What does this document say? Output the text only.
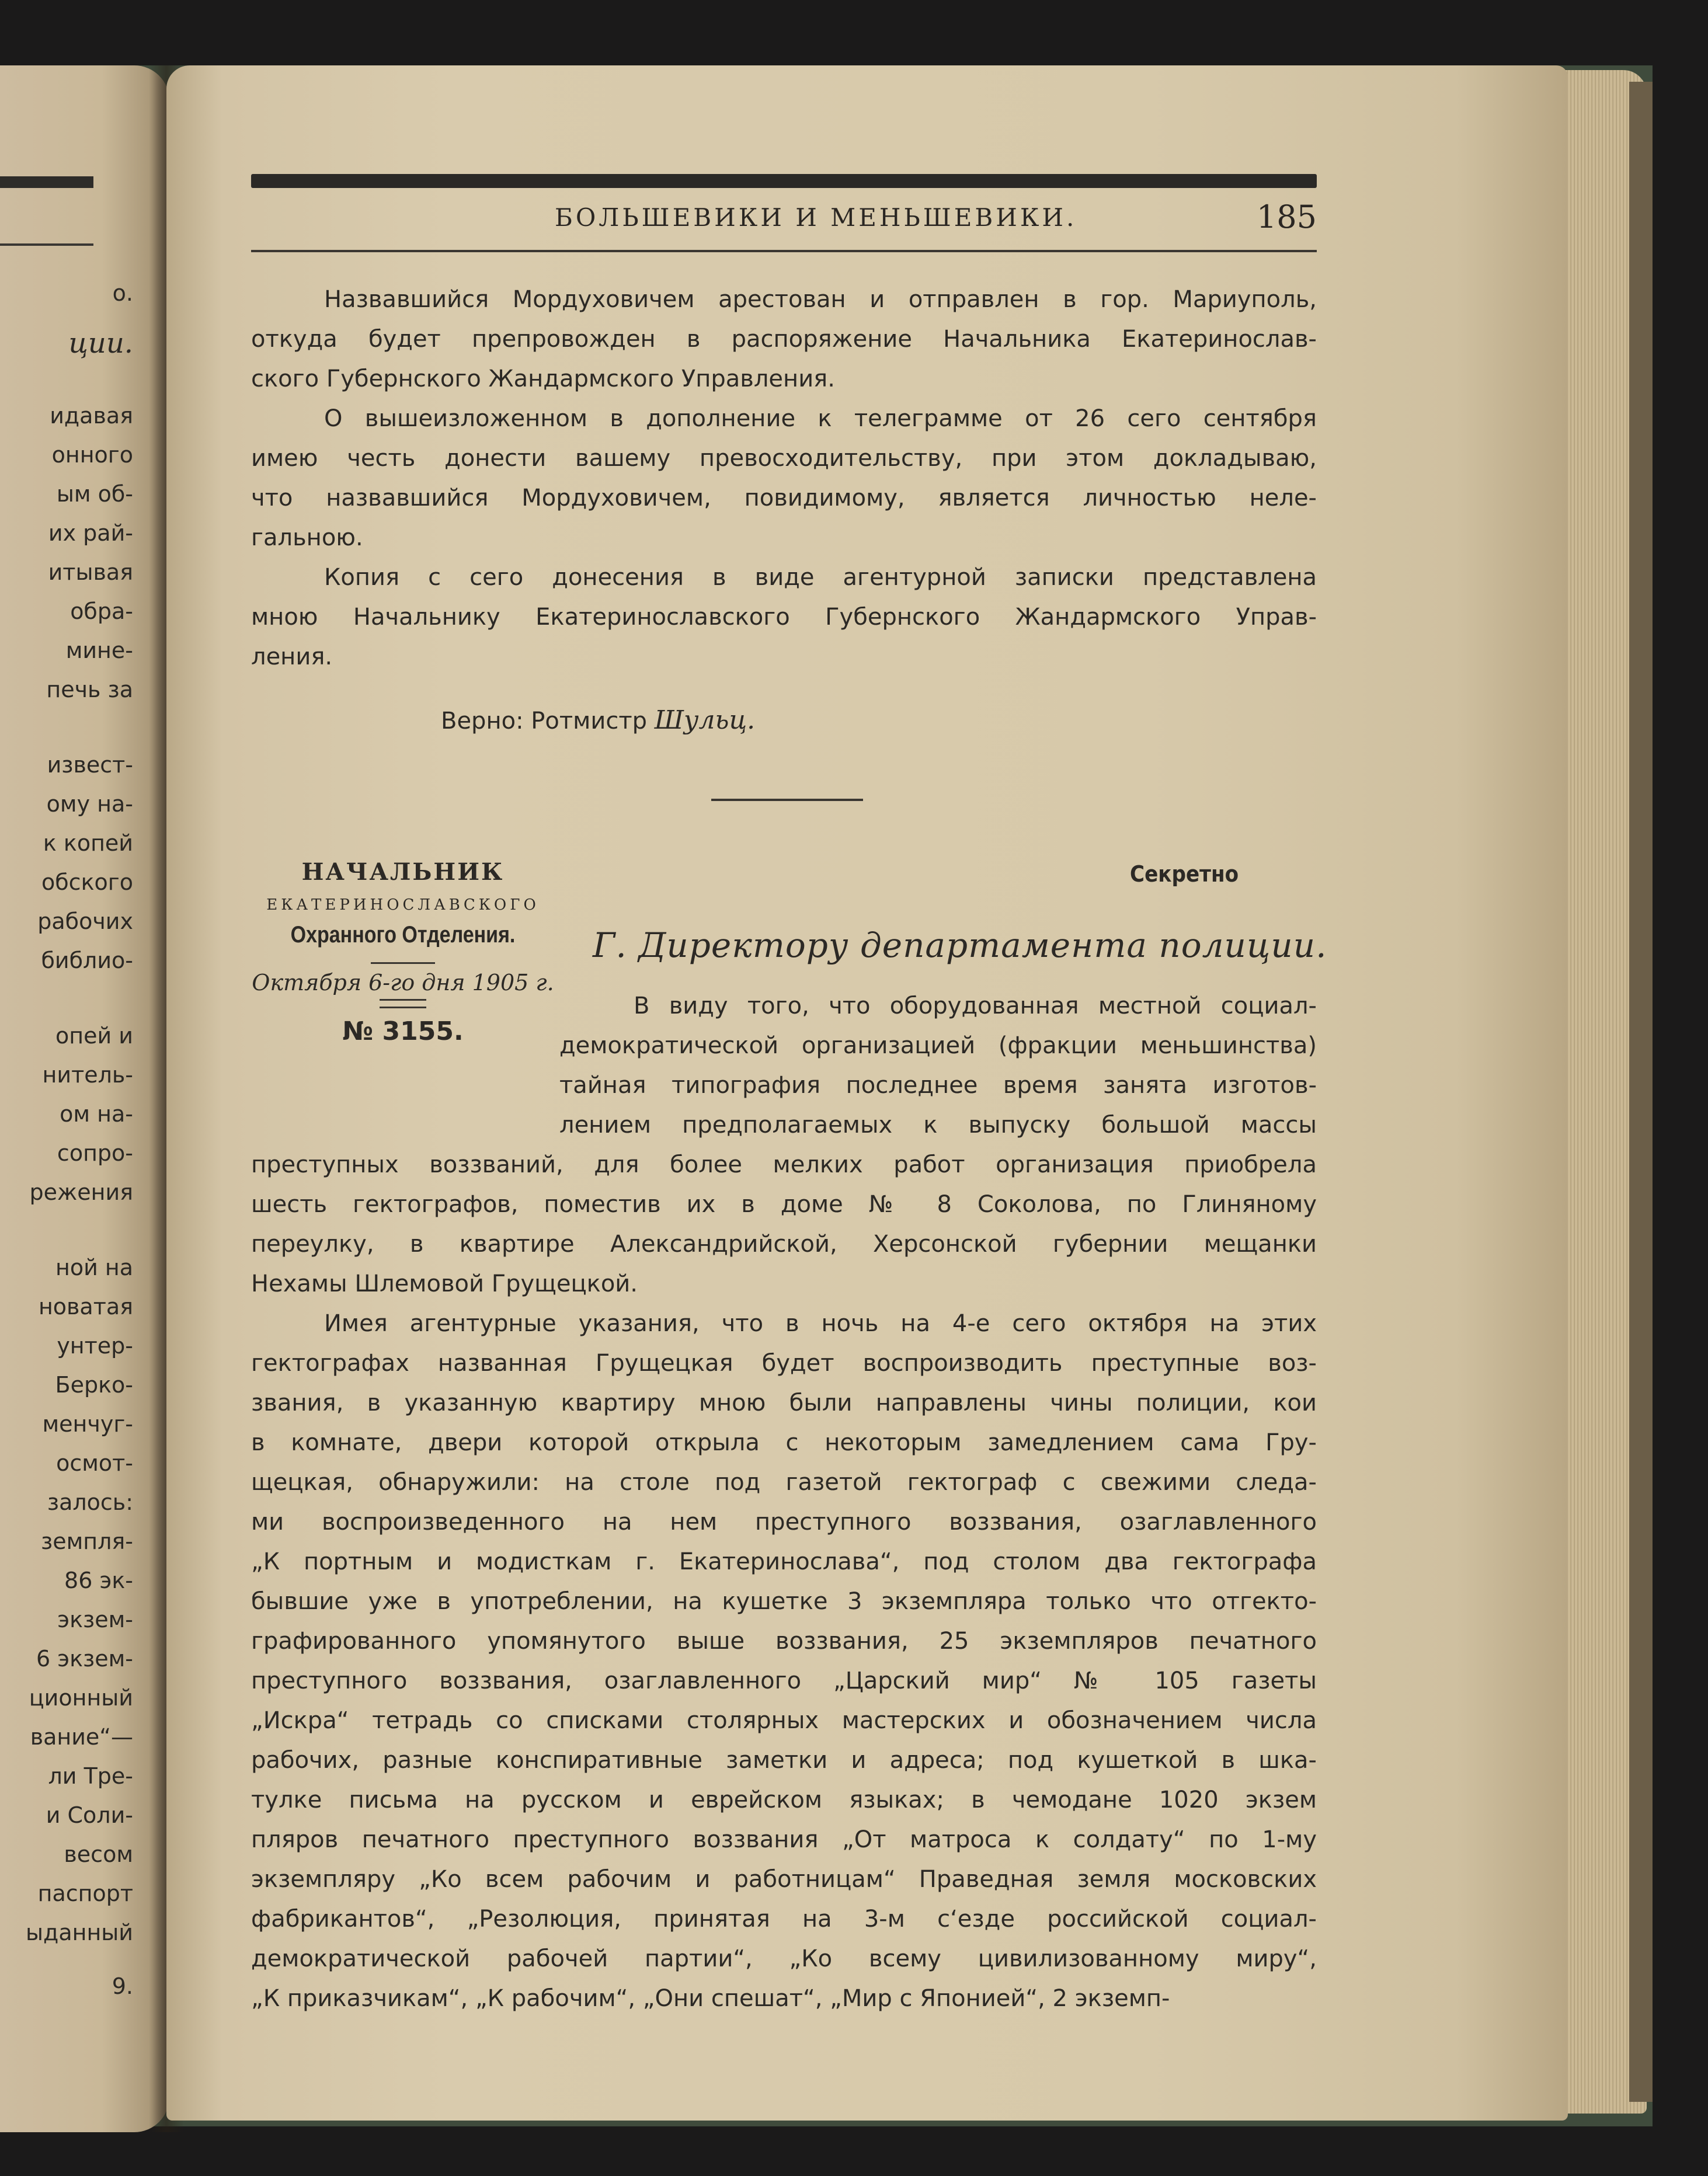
о.
ции.
идавая
онного
ым об-
их рай-
итывая
обра-
мине-
печь за
извест-
ому на-
к копей
обского
рабочих
библио-
опей и
нитель-
ом на-
сопро-
режения
ной на
новатая
унтер-
Берко-
менчуг-
осмот-
залось:
земпля-
86 эк-
экзем-
6 экзем-
ционный
вание“—
ли Тре-
и Соли-
весом
паспорт
ыданный
9.
БОЛЬШЕВИКИ И МЕНЬШЕВИКИ.	185
Назвавшийся Мордуховичем арестован и отправлен в гор. Мариуполь,
откуда будет препровожден в распоряжение Начальника Екатеринослав-
ского Губернского Жандармского Управления.
О вышеизложенном в дополнение к телеграмме от 26 сего сентября
имею честь донести вашему превосходительству, при этом докладываю,
что назвавшийся Мордуховичем, повидимому, является личностью неле-
гальною.
Копия с сего донесения в виде агентурной записки представлена
мною Начальнику Екатеринославского Губернского Жандармского Управ-
ления.
Верно: Ротмистр Шульц.
НАЧАЛЬНИК
ЕКАТЕРИНОСЛАВСКОГО
Охранного Отделения.
Октября 6-го дня 1905 г.
№ 3155.
Секретно
Г. Директору департамента полиции.
В виду того, что оборудованная местной социал-
демократической организацией (фракции меньшинства)
тайная типография последнее время занята изготов-
лением предполагаемых к выпуску большой массы
преступных воззваний, для более мелких работ организация приобрела
шесть гектографов, поместив их в доме № 8 Соколова, по Глиняному
переулку, в квартире Александрийской, Херсонской губернии мещанки
Нехамы Шлемовой Грущецкой.
Имея агентурные указания, что в ночь на 4-е сего октября на этих
гектографах названная Грущецкая будет воспроизводить преступные воз-
звания, в указанную квартиру мною были направлены чины полиции, кои
в комнате, двери которой открыла с некоторым замедлением сама Гру-
щецкая, обнаружили: на столе под газетой гектограф с свежими следа-
ми воспроизведенного на нем преступного воззвания, озаглавленного
„К портным и модисткам г. Екатеринослава“, под столом два гектографа
бывшие уже в употреблении, на кушетке 3 экземпляра только что отгекто-
графированного упомянутого выше воззвания, 25 экземпляров печатного
преступного воззвания, озаглавленного „Царский мир“ № 105 газеты
„Искра“ тетрадь со списками столярных мастерских и обозначением числа
рабочих, разные конспиративные заметки и адреса; под кушеткой в шка-
тулке письма на русском и еврейском языках; в чемодане 1020 экзем
пляров печатного преступного воззвания „От матроса к солдату“ по 1-му
экземпляру „Ко всем рабочим и работницам“ Праведная земля московских
фабрикантов“, „Резолюция, принятая на 3-м с‘езде российской социал-
демократической рабочей партии“, „Ко всему цивилизованному миру“,
„К приказчикам“, „К рабочим“, „Они спешат“, „Мир с Японией“, 2 экземп-
